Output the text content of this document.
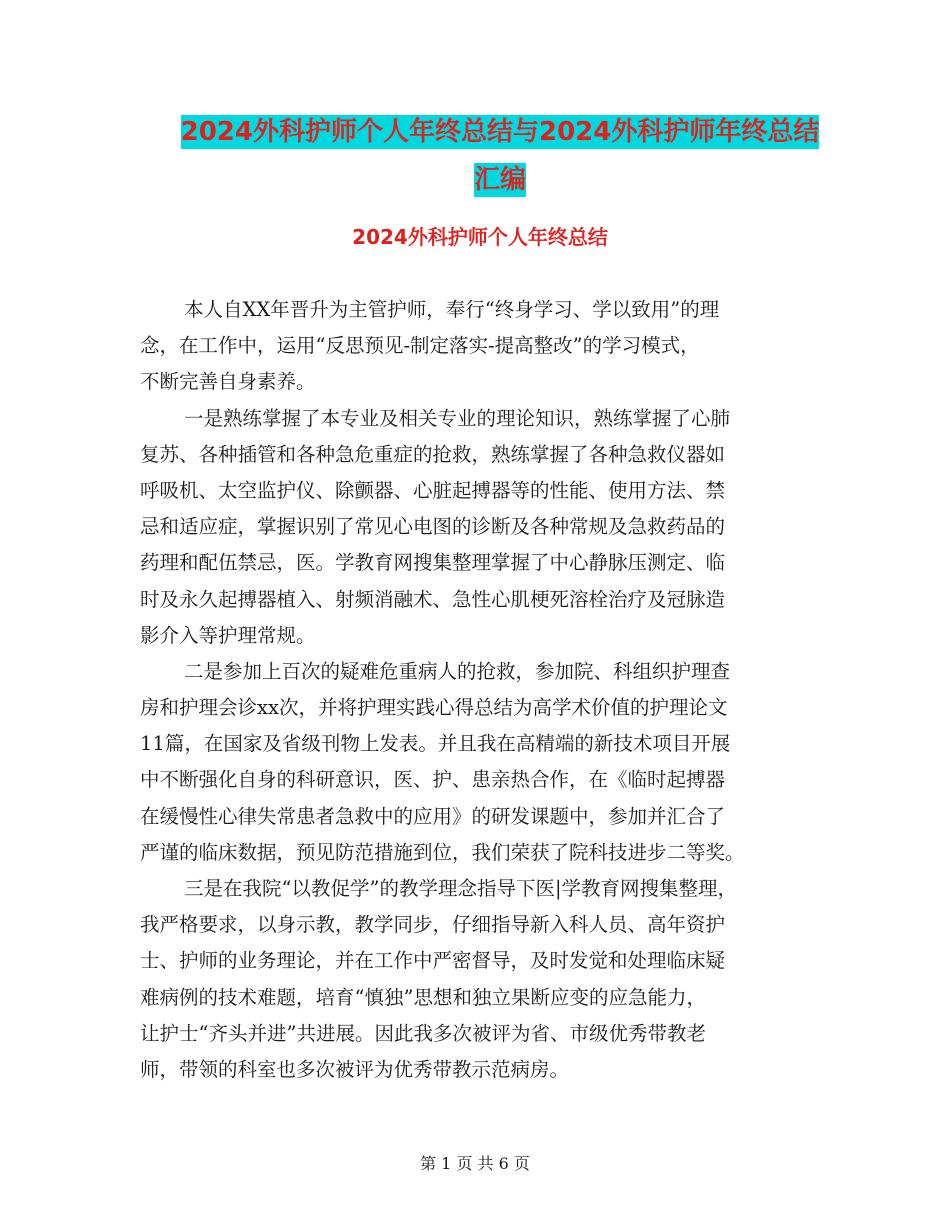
2024外科护师个人年终总结与2024外科护师年终总结
汇编
2024外科护师个人年终总结
本人自XX年晋升为主管护师，奉行“终身学习、学以致用”的理
念，在工作中，运用“反思预见-制定落实-提高整改”的学习模式，
不断完善自身素养。
一是熟练掌握了本专业及相关专业的理论知识，熟练掌握了心肺
复苏、各种插管和各种急危重症的抢救，熟练掌握了各种急救仪器如
呼吸机、太空监护仪、除颤器、心脏起搏器等的性能、使用方法、禁
忌和适应症，掌握识别了常见心电图的诊断及各种常规及急救药品的
药理和配伍禁忌，医。学教育网搜集整理掌握了中心静脉压测定、临
时及永久起搏器植入、射频消融术、急性心肌梗死溶栓治疗及冠脉造
影介入等护理常规。
二是参加上百次的疑难危重病人的抢救，参加院、科组织护理查
房和护理会诊xx次，并将护理实践心得总结为高学术价值的护理论文
11篇，在国家及省级刊物上发表。并且我在高精端的新技术项目开展
中不断强化自身的科研意识，医、护、患亲热合作，在《临时起搏器
在缓慢性心律失常患者急救中的应用》的研发课题中，参加并汇合了
严谨的临床数据，预见防范措施到位，我们荣获了院科技进步二等奖。
三是在我院“以教促学”的教学理念指导下医|学教育网搜集整理，
我严格要求，以身示教，教学同步，仔细指导新入科人员、高年资护
士、护师的业务理论，并在工作中严密督导，及时发觉和处理临床疑
难病例的技术难题，培育“慎独”思想和独立果断应变的应急能力，
让护士“齐头并进”共进展。因此我多次被评为省、市级优秀带教老
师，带领的科室也多次被评为优秀带教示范病房。
第 1 页 共 6 页
